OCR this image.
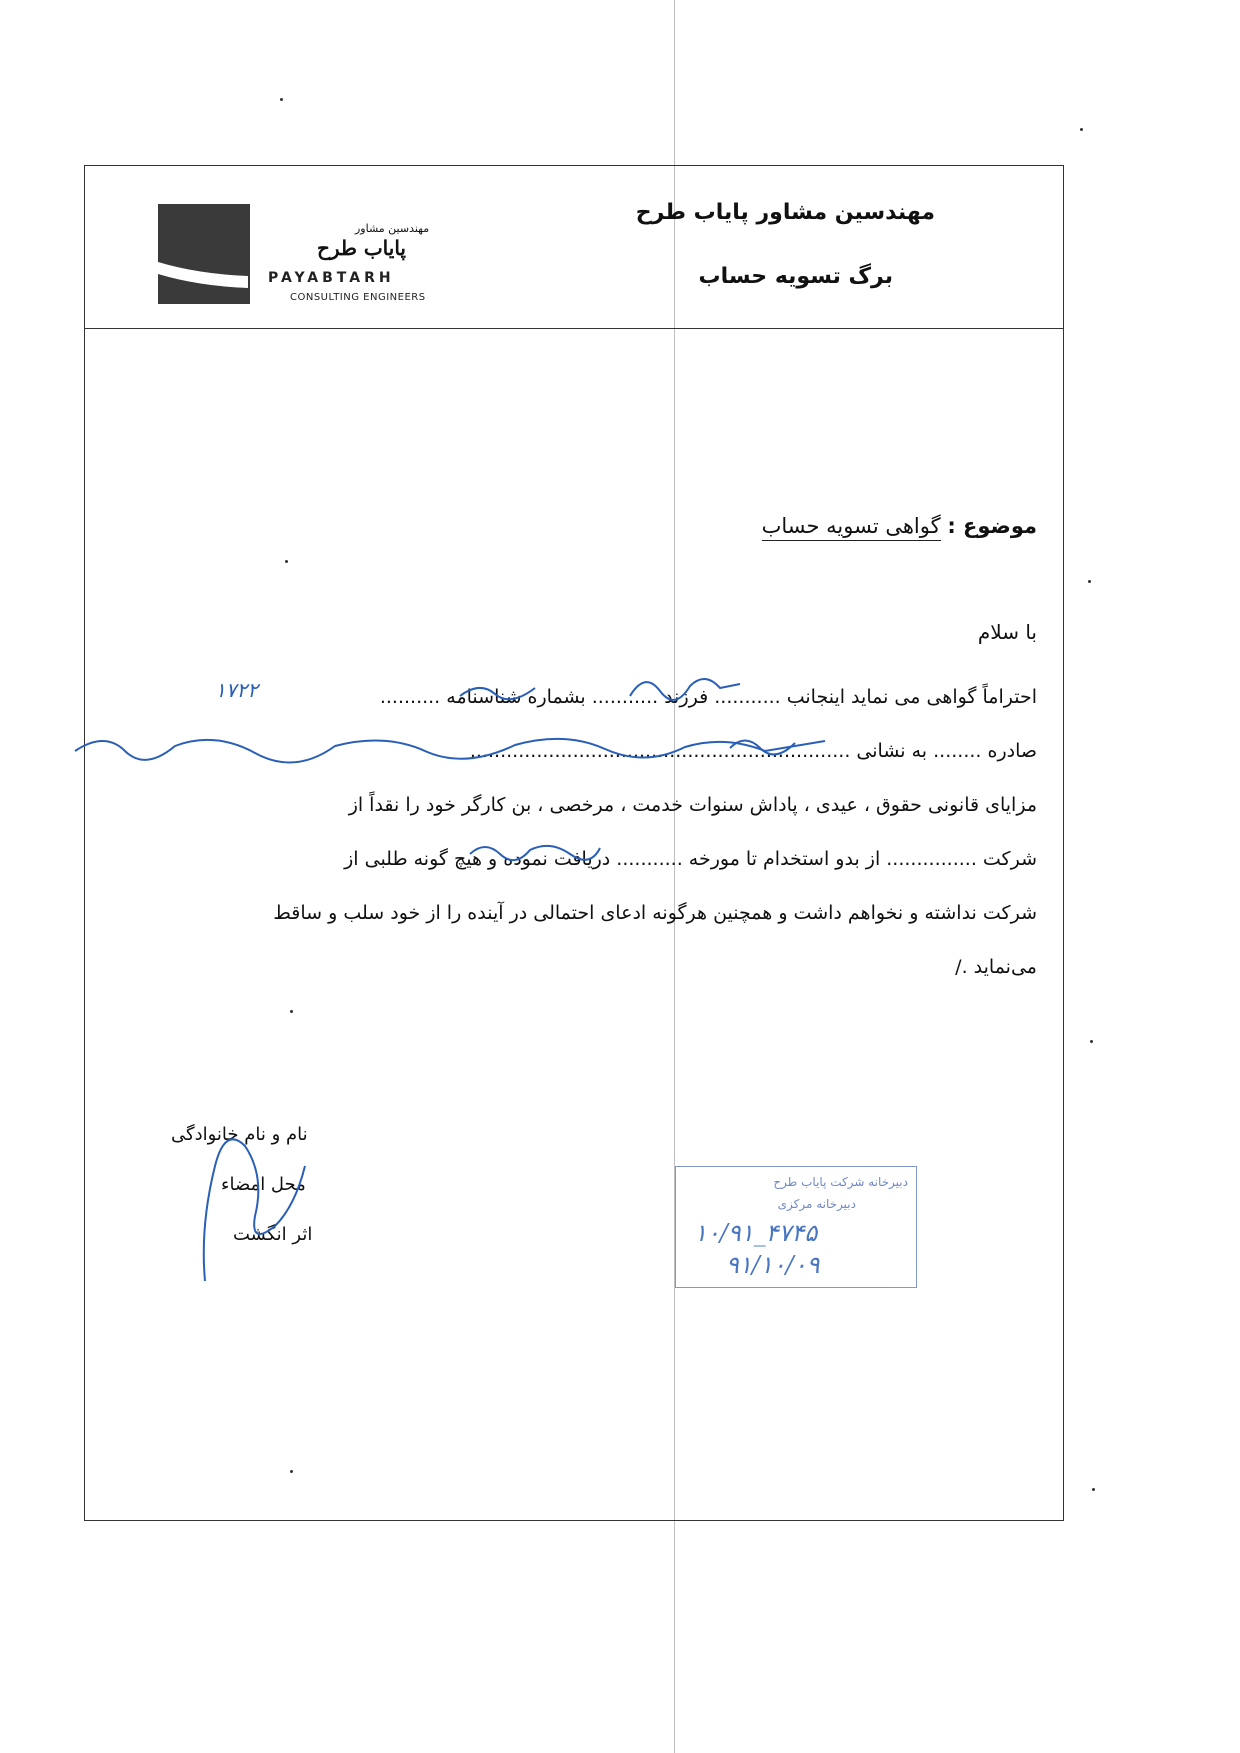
مهندسین مشاور
پایاب طرح
PAYABTARH
CONSULTING ENGINEERS
مهندسین مشاور پایاب طرح
برگ تسویه حساب
موضوع : گواهی تسویه حساب
با سلام
احتراماً گواهی می نماید اینجانب ........... فرزند ........... بشماره شناسنامه ..........
صادره ........ به نشانی ...............................................................
مزایای قانونی حقوق ، عیدی ، پاداش سنوات خدمت ، مرخصی ، بن کارگر خود را نقداً از
شرکت ............... از بدو استخدام تا مورخه ........... دریافت نموده و هیچ گونه طلبی از
شرکت نداشته و نخواهم داشت و همچنین هرگونه ادعای احتمالی در آینده را از خود سلب و ساقط
می‌نماید ./
۱۷۲۲
نام و نام خانوادگی
محل امضاء
اثر انگشت
دبیرخانه شرکت پایاب طرح
دبیرخانه مرکزی
۱۰/۹۱_۴۷۴۵
۹۱/۱۰/۰۹
